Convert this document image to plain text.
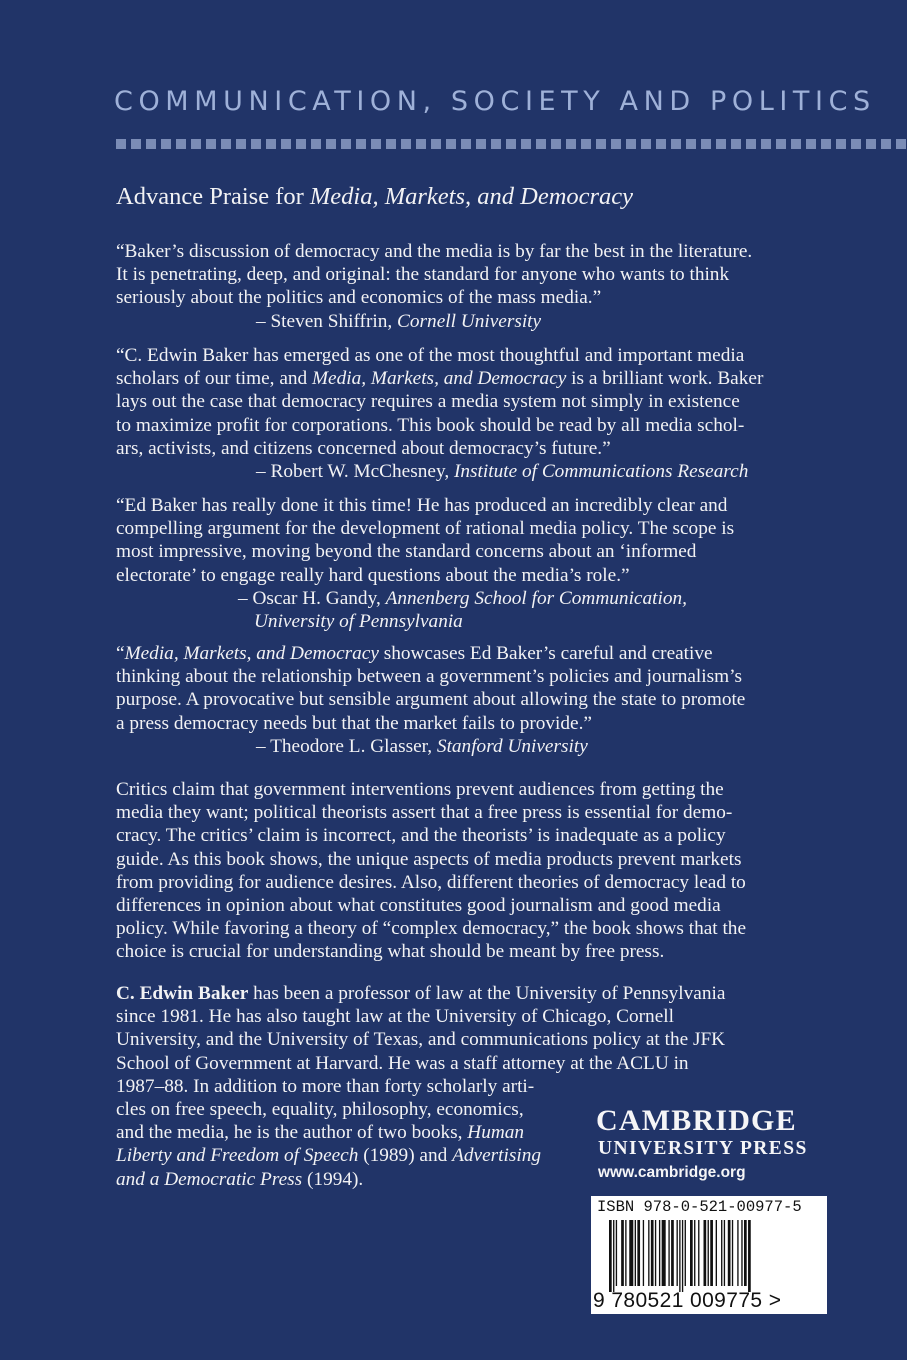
COMMUNICATION, SOCIETY AND POLITICS
Advance Praise for Media, Markets, and Democracy
“Baker’s discussion of democracy and the media is by far the best in the literature.
It is penetrating, deep, and original: the standard for anyone who wants to think
seriously about the politics and economics of the mass media.”
– Steven Shiffrin, Cornell University
“C. Edwin Baker has emerged as one of the most thoughtful and important media
scholars of our time, and Media, Markets, and Democracy is a brilliant work. Baker
lays out the case that democracy requires a media system not simply in existence
to maximize profit for corporations. This book should be read by all media schol-
ars, activists, and citizens concerned about democracy’s future.”
– Robert W. McChesney, Institute of Communications Research
“Ed Baker has really done it this time! He has produced an incredibly clear and
compelling argument for the development of rational media policy. The scope is
most impressive, moving beyond the standard concerns about an ‘informed
electorate’ to engage really hard questions about the media’s role.”
– Oscar H. Gandy, Annenberg School for Communication,
University of Pennsylvania
“Media, Markets, and Democracy showcases Ed Baker’s careful and creative
thinking about the relationship between a government’s policies and journalism’s
purpose. A provocative but sensible argument about allowing the state to promote
a press democracy needs but that the market fails to provide.”
– Theodore L. Glasser, Stanford University
Critics claim that government interventions prevent audiences from getting the
media they want; political theorists assert that a free press is essential for demo-
cracy. The critics’ claim is incorrect, and the theorists’ is inadequate as a policy
guide. As this book shows, the unique aspects of media products prevent markets
from providing for audience desires. Also, different theories of democracy lead to
differences in opinion about what constitutes good journalism and good media
policy. While favoring a theory of “complex democracy,” the book shows that the
choice is crucial for understanding what should be meant by free press.
C. Edwin Baker has been a professor of law at the University of Pennsylvania
since 1981. He has also taught law at the University of Chicago, Cornell
University, and the University of Texas, and communications policy at the JFK
School of Government at Harvard. He was a staff attorney at the ACLU in
1987–88. In addition to more than forty scholarly arti-
cles on free speech, equality, philosophy, economics,
and the media, he is the author of two books, Human
Liberty and Freedom of Speech (1989) and Advertising
and a Democratic Press (1994).
CAMBRIDGE
UNIVERSITY PRESS
www.cambridge.org
ISBN 978-0-521-00977-5
9 780521 009775 >
